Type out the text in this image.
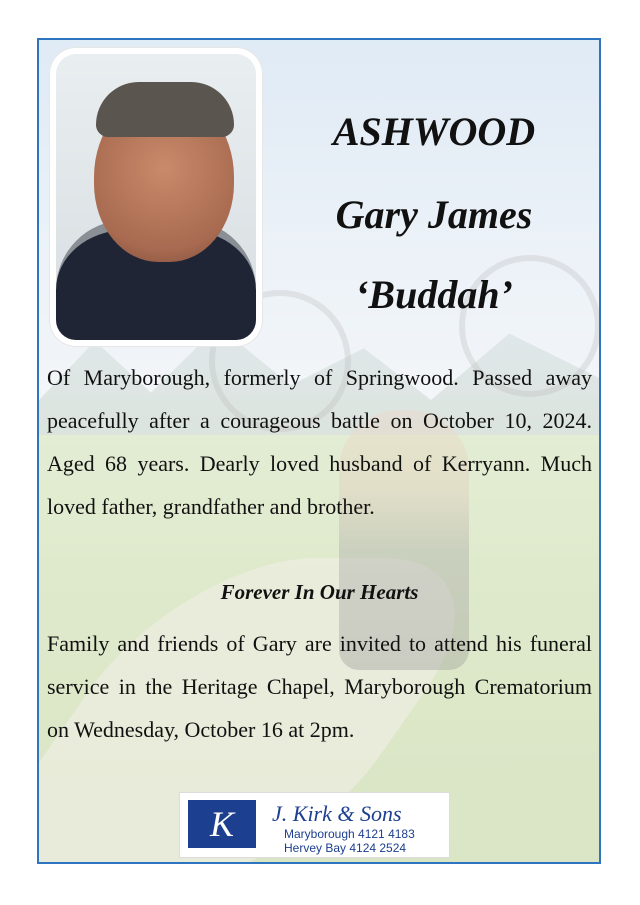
ASHWOOD
Gary James
‘Buddah’

Of Maryborough, formerly of Springwood. Passed away peacefully after a courageous battle on October 10, 2024. Aged 68 years. Dearly loved husband of Kerryann. Much loved father, grandfather and brother.

Forever In Our Hearts

Family and friends of Gary are invited to attend his funeral service in the Heritage Chapel, Maryborough Crematorium on Wednesday, October 16 at 2pm.

K	J. Kirk & Sons
Maryborough 4121 4183
Hervey Bay 4124 2524
